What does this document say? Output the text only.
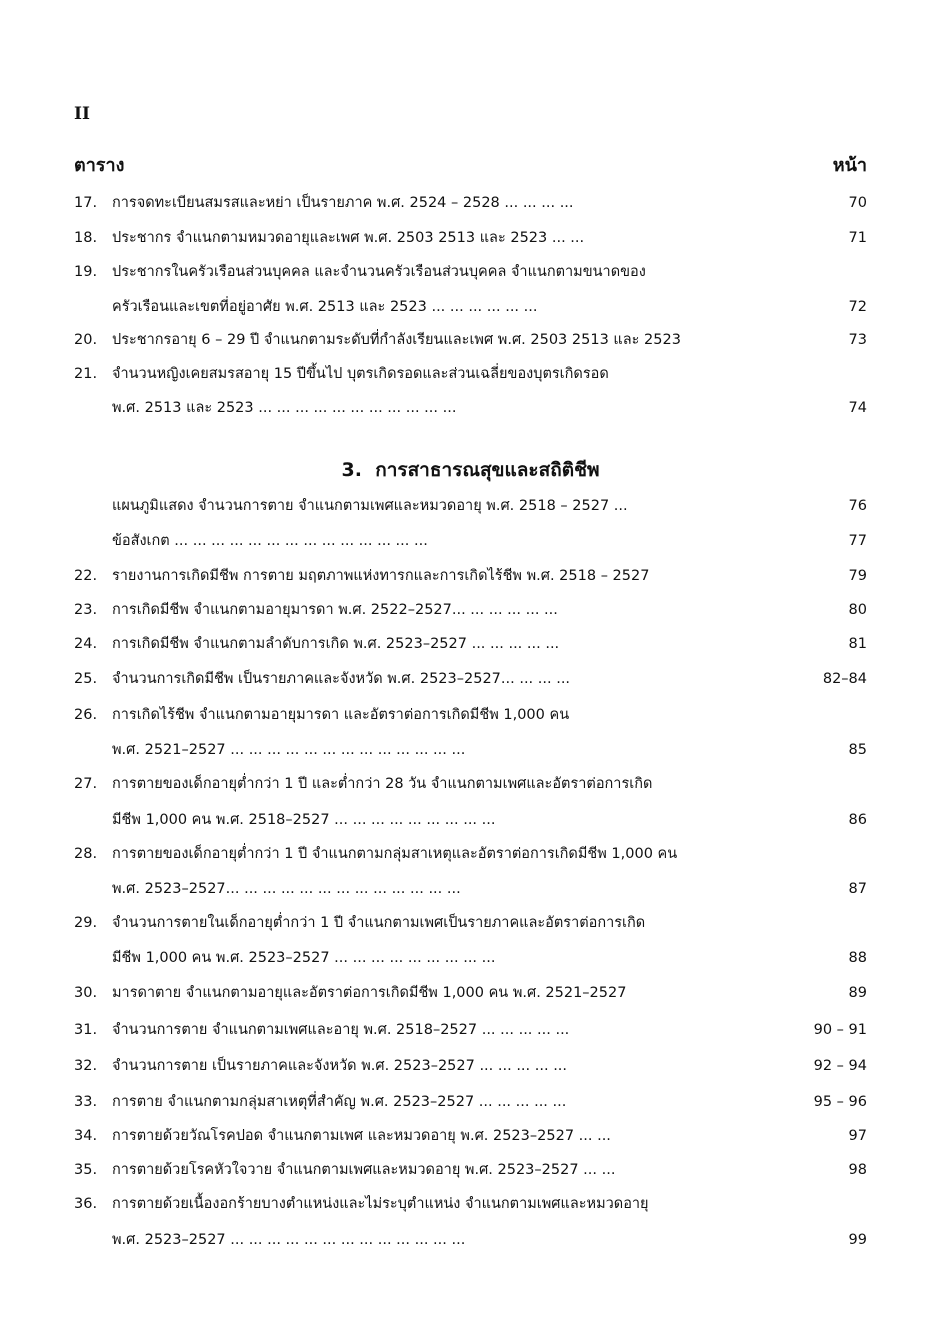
II
ตาราง	หน้า
3. การสาธารณสุขและสถิติชีพ
17.	การจดทะเบียนสมรสและหย่า เป็นรายภาค พ.ศ. 2524 – 2528 ... ... ... ...	70
18.	ประชากร จำแนกตามหมวดอายุและเพศ พ.ศ. 2503 2513 และ 2523 ... ...	71
19.	ประชากรในครัวเรือนส่วนบุคคล และจำนวนครัวเรือนส่วนบุคคล จำแนกตามขนาดของ
ครัวเรือนและเขตที่อยู่อาศัย พ.ศ. 2513 และ 2523 ... ... ... ... ... ...	72
20.	ประชากรอายุ 6 – 29 ปี จำแนกตามระดับที่กำลังเรียนและเพศ พ.ศ. 2503 2513 และ 2523	73
21.	จำนวนหญิงเคยสมรสอายุ 15 ปีขึ้นไป บุตรเกิดรอดและส่วนเฉลี่ยของบุตรเกิดรอด
พ.ศ. 2513 และ 2523 ... ... ... ... ... ... ... ... ... ... ...	74
แผนภูมิแสดง จำนวนการตาย จำแนกตามเพศและหมวดอายุ พ.ศ. 2518 – 2527 ...	76
ข้อสังเกต ... ... ... ... ... ... ... ... ... ... ... ... ... ...	77
22.	รายงานการเกิดมีชีพ การตาย มฤตภาพแห่งทารกและการเกิดไร้ชีพ พ.ศ. 2518 – 2527	79
23.	การเกิดมีชีพ จำแนกตามอายุมารดา พ.ศ. 2522–2527... ... ... ... ... ...	80
24.	การเกิดมีชีพ จำแนกตามลำดับการเกิด พ.ศ. 2523–2527 ... ... ... ... ...	81
25.	จำนวนการเกิดมีชีพ เป็นรายภาคและจังหวัด พ.ศ. 2523–2527... ... ... ...	82–84
26.	การเกิดไร้ชีพ จำแนกตามอายุมารดา และอัตราต่อการเกิดมีชีพ 1,000 คน
พ.ศ. 2521–2527 ... ... ... ... ... ... ... ... ... ... ... ... ...	85
27.	การตายของเด็กอายุต่ำกว่า 1 ปี และต่ำกว่า 28 วัน จำแนกตามเพศและอัตราต่อการเกิด
มีชีพ 1,000 คน พ.ศ. 2518–2527 ... ... ... ... ... ... ... ... ...	86
28.	การตายของเด็กอายุต่ำกว่า 1 ปี จำแนกตามกลุ่มสาเหตุและอัตราต่อการเกิดมีชีพ 1,000 คน
พ.ศ. 2523–2527... ... ... ... ... ... ... ... ... ... ... ... ...	87
29.	จำนวนการตายในเด็กอายุต่ำกว่า 1 ปี จำแนกตามเพศเป็นรายภาคและอัตราต่อการเกิด
มีชีพ 1,000 คน พ.ศ. 2523–2527 ... ... ... ... ... ... ... ... ...	88
30.	มารดาตาย จำแนกตามอายุและอัตราต่อการเกิดมีชีพ 1,000 คน พ.ศ. 2521–2527	89
31.	จำนวนการตาย จำแนกตามเพศและอายุ พ.ศ. 2518–2527 ... ... ... ... ...	90 – 91
32.	จำนวนการตาย เป็นรายภาคและจังหวัด พ.ศ. 2523–2527 ... ... ... ... ...	92 – 94
33.	การตาย จำแนกตามกลุ่มสาเหตุที่สำคัญ พ.ศ. 2523–2527 ... ... ... ... ...	95 – 96
34.	การตายด้วยวัณโรคปอด จำแนกตามเพศ และหมวดอายุ พ.ศ. 2523–2527 ... ...	97
35.	การตายด้วยโรคหัวใจวาย จำแนกตามเพศและหมวดอายุ พ.ศ. 2523–2527 ... ...	98
36.	การตายด้วยเนื้องอกร้ายบางตำแหน่งและไม่ระบุตำแหน่ง จำแนกตามเพศและหมวดอายุ
พ.ศ. 2523–2527 ... ... ... ... ... ... ... ... ... ... ... ... ...	99
